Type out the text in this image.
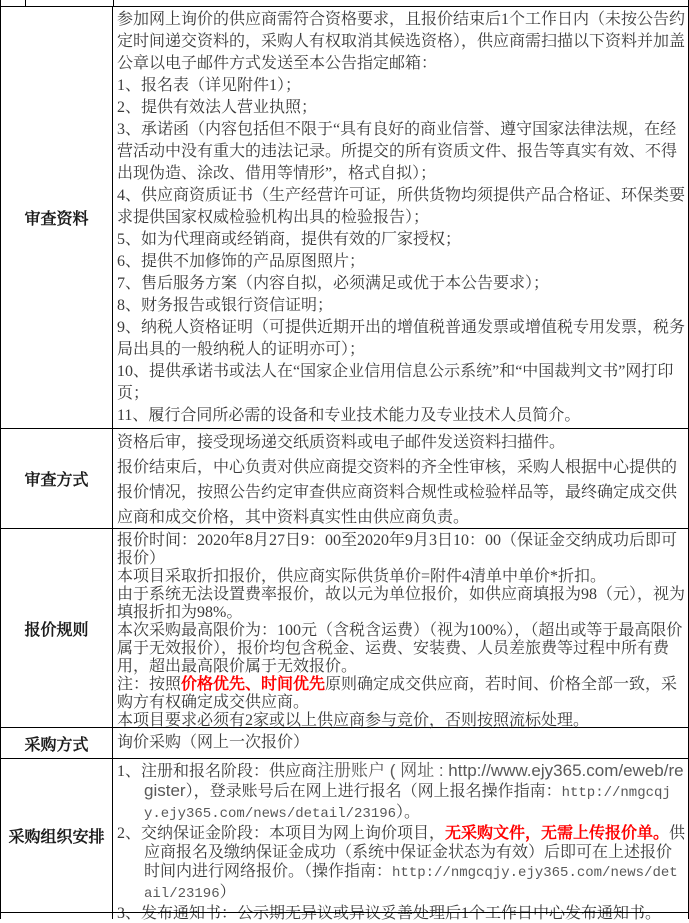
审查资料
参加网上询价的供应商需符合资格要求，且报价结束后1个工作日内（未按公告约定时间递交资料的，采购人有权取消其候选资格），供应商需扫描以下资料并加盖公章以电子邮件方式发送至本公告指定邮箱：
1、报名表（详见附件1）；
2、提供有效法人营业执照；
3、承诺函（内容包括但不限于“具有良好的商业信誉、遵守国家法律法规，在经营活动中没有重大的违法记录。所提交的所有资质文件、报告等真实有效、不得出现伪造、涂改、借用等情形”，格式自拟）；
4、供应商资质证书（生产经营许可证，所供货物均须提供产品合格证、环保类要求提供国家权威检验机构出具的检验报告）；
5、如为代理商或经销商，提供有效的厂家授权；
6、提供不加修饰的产品原图照片；
7、售后服务方案（内容自拟，必须满足或优于本公告要求）；
8、财务报告或银行资信证明；
9、纳税人资格证明（可提供近期开出的增值税普通发票或增值税专用发票，税务局出具的一般纳税人的证明亦可）；
10、提供承诺书或法人在“国家企业信用信息公示系统”和“中国裁判文书”网打印页；
11、履行合同所必需的设备和专业技术能力及专业技术人员简介。
审查方式
资格后审，接受现场递交纸质资料或电子邮件发送资料扫描件。
报价结束后，中心负责对供应商提交资料的齐全性审核，采购人根据中心提供的报价情况，按照公告约定审查供应商资料合规性或检验样品等，最终确定成交供应商和成交价格，其中资料真实性由供应商负责。
报价规则
报价时间：2020年8月27日9：00至2020年9月3日10：00（保证金交纳成功后即可报价）
本项目采取折扣报价，供应商实际供货单价=附件4清单中单价*折扣。
由于系统无法设置费率报价，故以元为单位报价，如供应商填报为98（元），视为填报折扣为98%。
本次采购最高限价为：100元（含税含运费）（视为100%），（超出或等于最高限价属于无效报价），报价均包含税金、运费、安装费、人员差旅费等过程中所有费用，超出最高限价属于无效报价。
注：按照价格优先、时间优先原则确定成交供应商，若时间、价格全部一致，采购方有权确定成交供应商。
本项目要求必须有2家或以上供应商参与竞价，否则按照流标处理。
采购方式	询价采购（网上一次报价）
采购组织安排
1、注册和报名阶段：供应商注册账户 ( 网址 : http://www.ejy365.com/eweb/register），登录账号后在网上进行报名（网上报名操作指南：http://nmgcqjy.ejy365.com/news/detail/23196）。
2、交纳保证金阶段：本项目为网上询价项目，无采购文件，无需上传报价单。供应商报名及缴纳保证金成功（系统中保证金状态为有效）后即可在上述报价时间内进行网络报价。（操作指南：http://nmgcqjy.ejy365.com/news/detail/23196）
3、发布通知书：公示期无异议或异议妥善处理后1个工作日中心发布通知书。
